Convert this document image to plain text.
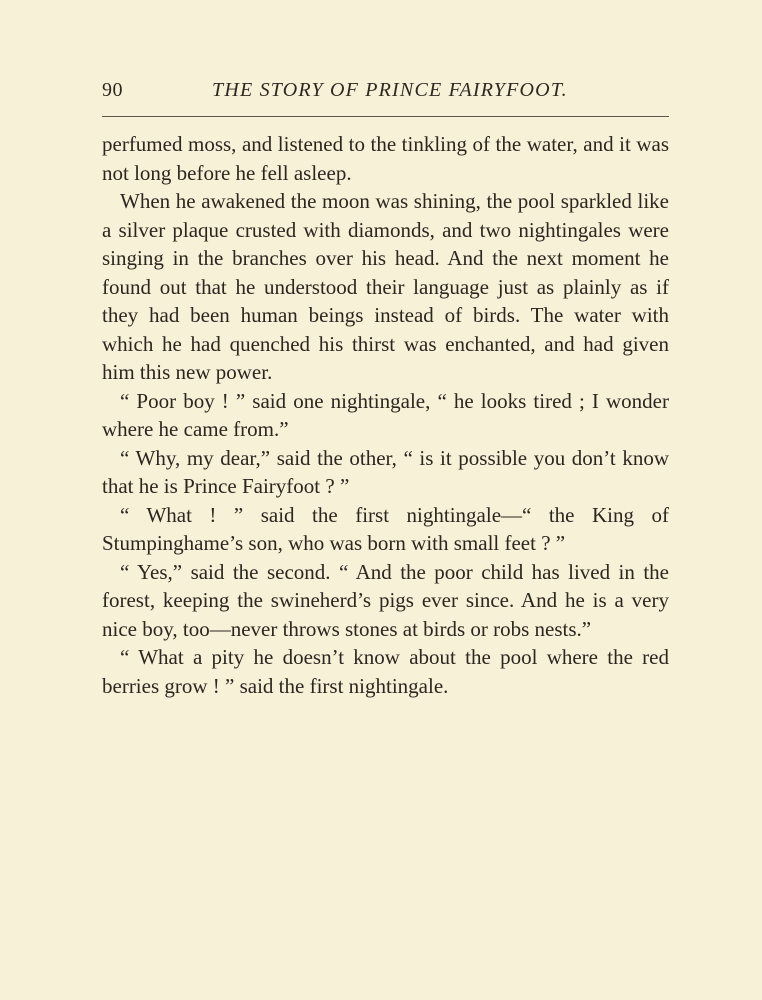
90	THE STORY OF PRINCE FAIRYFOOT.

perfumed moss, and listened to the tinkling of the water, and it was not long before he fell asleep.

When he awakened the moon was shining, the pool sparkled like a silver plaque crusted with diamonds, and two nightingales were singing in the branches over his head. And the next moment he found out that he understood their language just as plainly as if they had been human beings instead of birds. The water with which he had quenched his thirst was enchanted, and had given him this new power.

“ Poor boy ! ” said one nightingale, “ he looks tired ; I wonder where he came from.”

“ Why, my dear,” said the other, “ is it possible you don’t know that he is Prince Fairyfoot ? ”

“ What ! ” said the first nightingale—“ the King of Stumpinghame’s son, who was born with small feet ? ”

“ Yes,” said the second. “ And the poor child has lived in the forest, keeping the swineherd’s pigs ever since. And he is a very nice boy, too—never throws stones at birds or robs nests.”

“ What a pity he doesn’t know about the pool where the red berries grow ! ” said the first nightingale.
